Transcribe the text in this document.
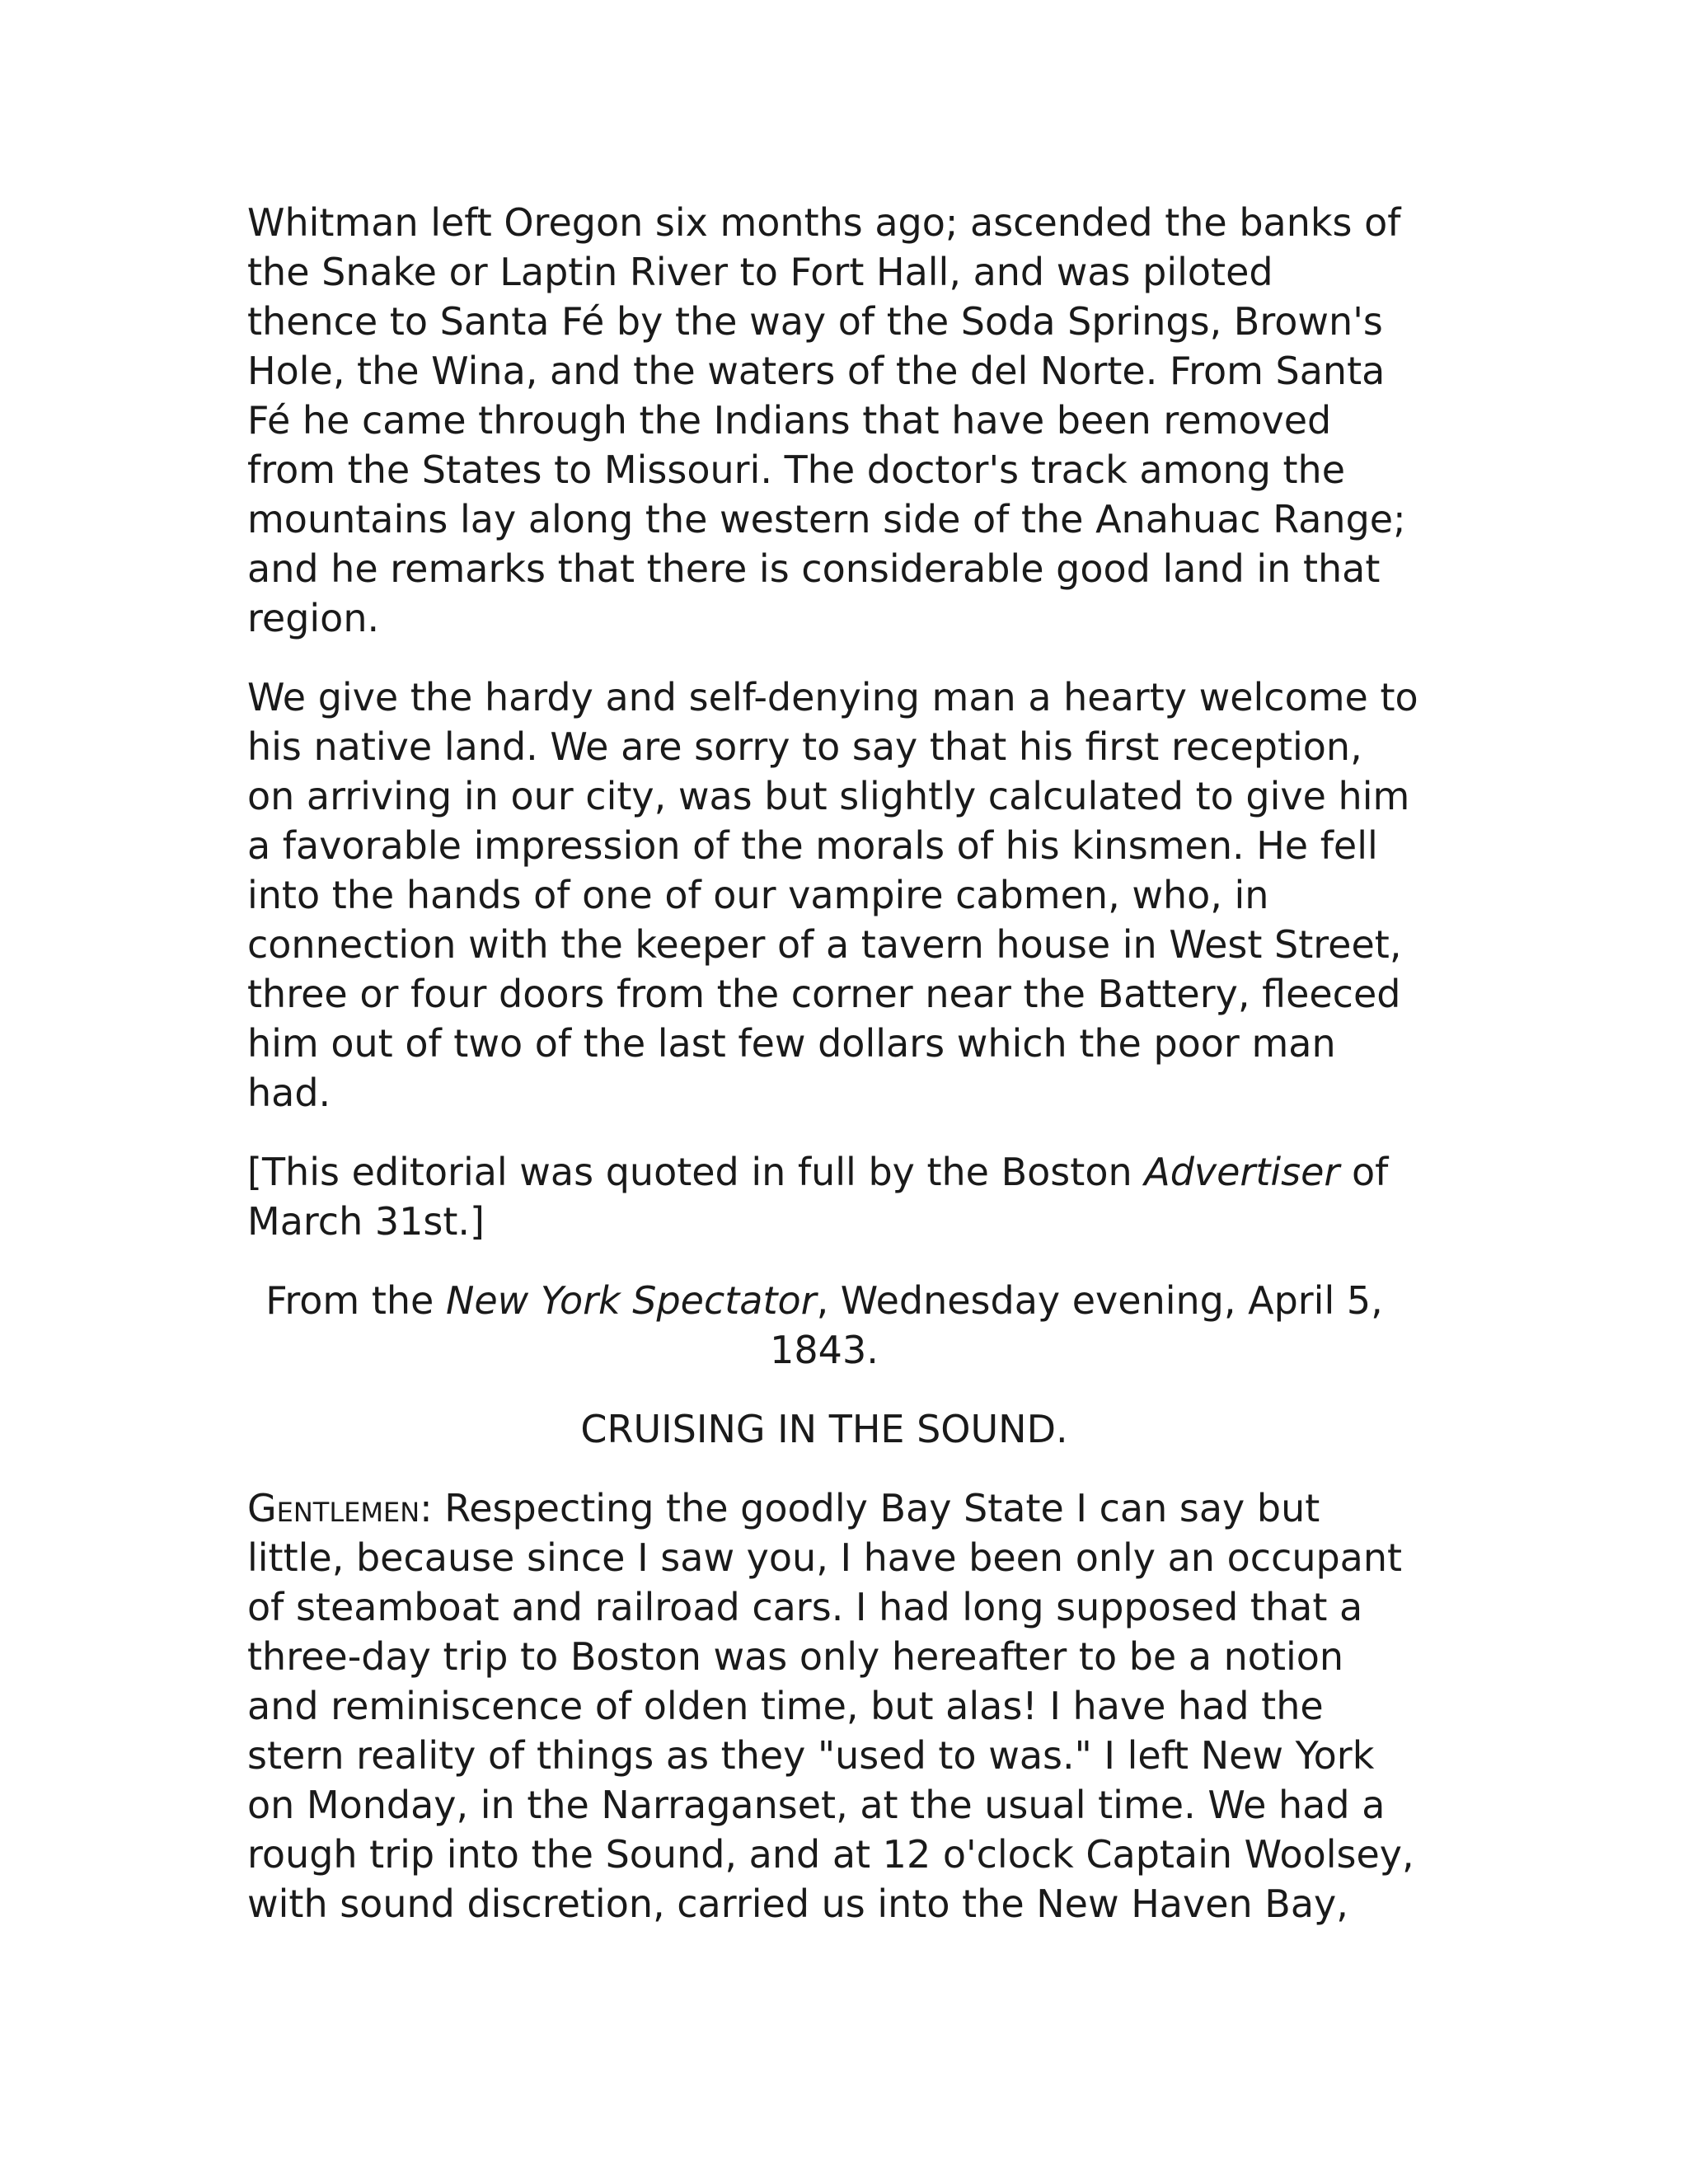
Whitman left Oregon six months ago; ascended the banks of
the Snake or Laptin River to Fort Hall, and was piloted
thence to Santa Fé by the way of the Soda Springs, Brown's
Hole, the Wina, and the waters of the del Norte. From Santa
Fé he came through the Indians that have been removed
from the States to Missouri. The doctor's track among the
mountains lay along the western side of the Anahuac Range;
and he remarks that there is considerable good land in that
region.
We give the hardy and self-denying man a hearty welcome to
his native land. We are sorry to say that his first reception,
on arriving in our city, was but slightly calculated to give him
a favorable impression of the morals of his kinsmen. He fell
into the hands of one of our vampire cabmen, who, in
connection with the keeper of a tavern house in West Street,
three or four doors from the corner near the Battery, fleeced
him out of two of the last few dollars which the poor man
had.
[This editorial was quoted in full by the Boston Advertiser of
March 31st.]
From the New York Spectator, Wednesday evening, April 5,
1843.
CRUISING IN THE SOUND.
Gentlemen: Respecting the goodly Bay State I can say but
little, because since I saw you, I have been only an occupant
of steamboat and railroad cars. I had long supposed that a
three-day trip to Boston was only hereafter to be a notion
and reminiscence of olden time, but alas! I have had the
stern reality of things as they "used to was." I left New York
on Monday, in the Narraganset, at the usual time. We had a
rough trip into the Sound, and at 12 o'clock Captain Woolsey,
with sound discretion, carried us into the New Haven Bay,
